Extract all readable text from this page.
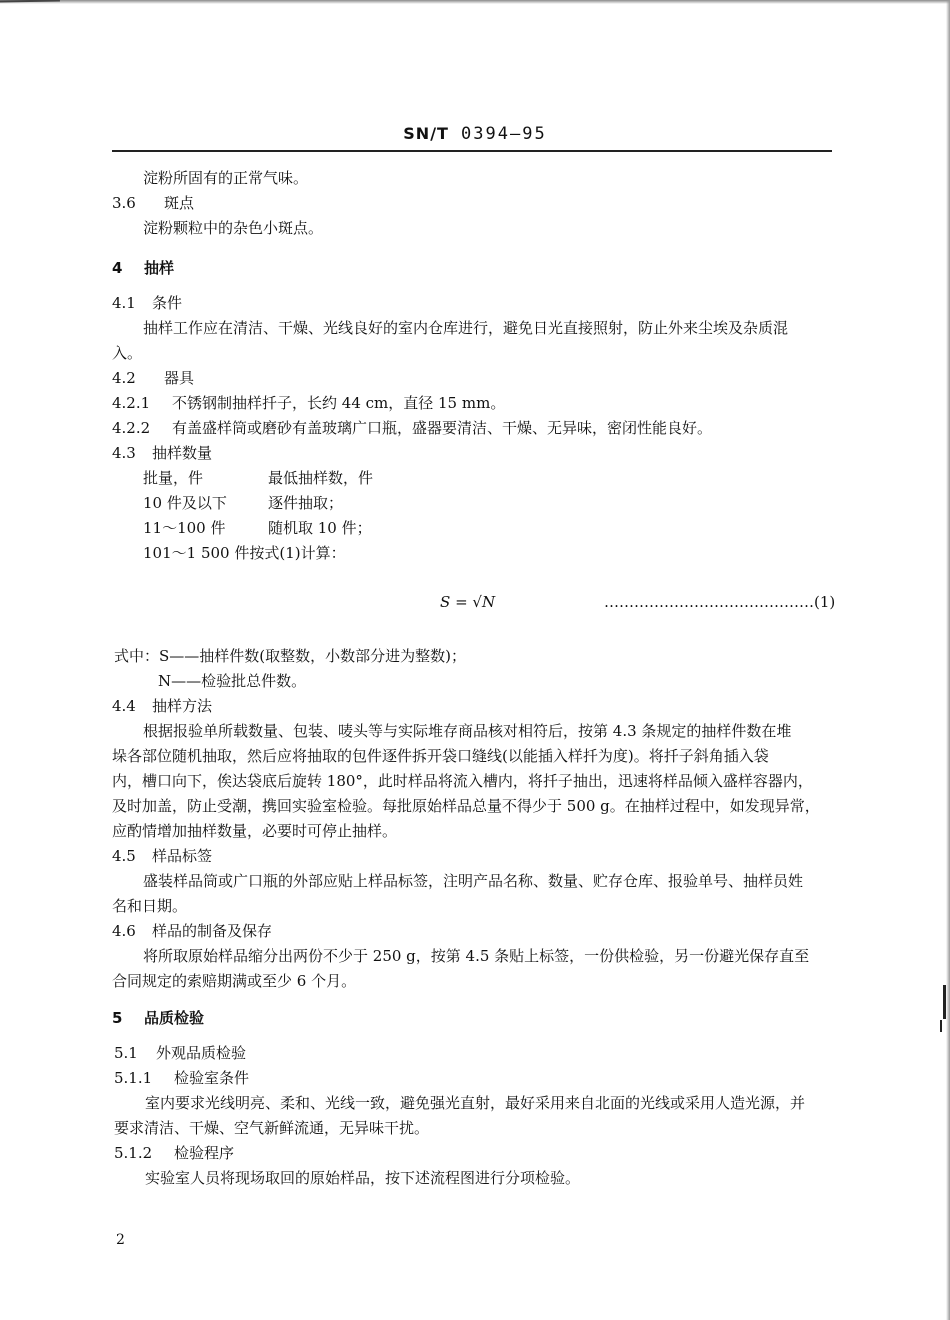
SN/T 0394—95
淀粉所固有的正常气味。
3.6 斑点
淀粉颗粒中的杂色小斑点。
4 抽样
4.1 条件
抽样工作应在清洁、干燥、光线良好的室内仓库进行，避免日光直接照射，防止外来尘埃及杂质混
入。
4.2 器具
4.2.1 不锈钢制抽样扦子，长约 44 cm，直径 15 mm。
4.2.2 有盖盛样筒或磨砂有盖玻璃广口瓶，盛器要清洁、干燥、无异味，密闭性能良好。
4.3 抽样数量
批量，件	最低抽样数，件
10 件及以下	逐件抽取；
11～100 件	随机取 10 件；
101～1 500 件按式(1)计算：
S = √N	……………………………………(1)
式中：S——抽样件数(取整数，小数部分进为整数)；
N——检验批总件数。
4.4 抽样方法
根据报验单所载数量、包装、唛头等与实际堆存商品核对相符后，按第 4.3 条规定的抽样件数在堆
垛各部位随机抽取，然后应将抽取的包件逐件拆开袋口缝线(以能插入样扦为度)。将扦子斜角插入袋
内，槽口向下，俟达袋底后旋转 180°，此时样品将流入槽内，将扦子抽出，迅速将样品倾入盛样容器内，
及时加盖，防止受潮，携回实验室检验。每批原始样品总量不得少于 500 g。在抽样过程中，如发现异常，
应酌情增加抽样数量，必要时可停止抽样。
4.5 样品标签
盛装样品筒或广口瓶的外部应贴上样品标签，注明产品名称、数量、贮存仓库、报验单号、抽样员姓
名和日期。
4.6 样品的制备及保存
将所取原始样品缩分出两份不少于 250 g，按第 4.5 条贴上标签，一份供检验，另一份避光保存直至
合同规定的索赔期满或至少 6 个月。
5 品质检验
5.1 外观品质检验
5.1.1 检验室条件
室内要求光线明亮、柔和、光线一致，避免强光直射，最好采用来自北面的光线或采用人造光源，并
要求清洁、干燥、空气新鲜流通，无异味干扰。
5.1.2 检验程序
实验室人员将现场取回的原始样品，按下述流程图进行分项检验。
2
